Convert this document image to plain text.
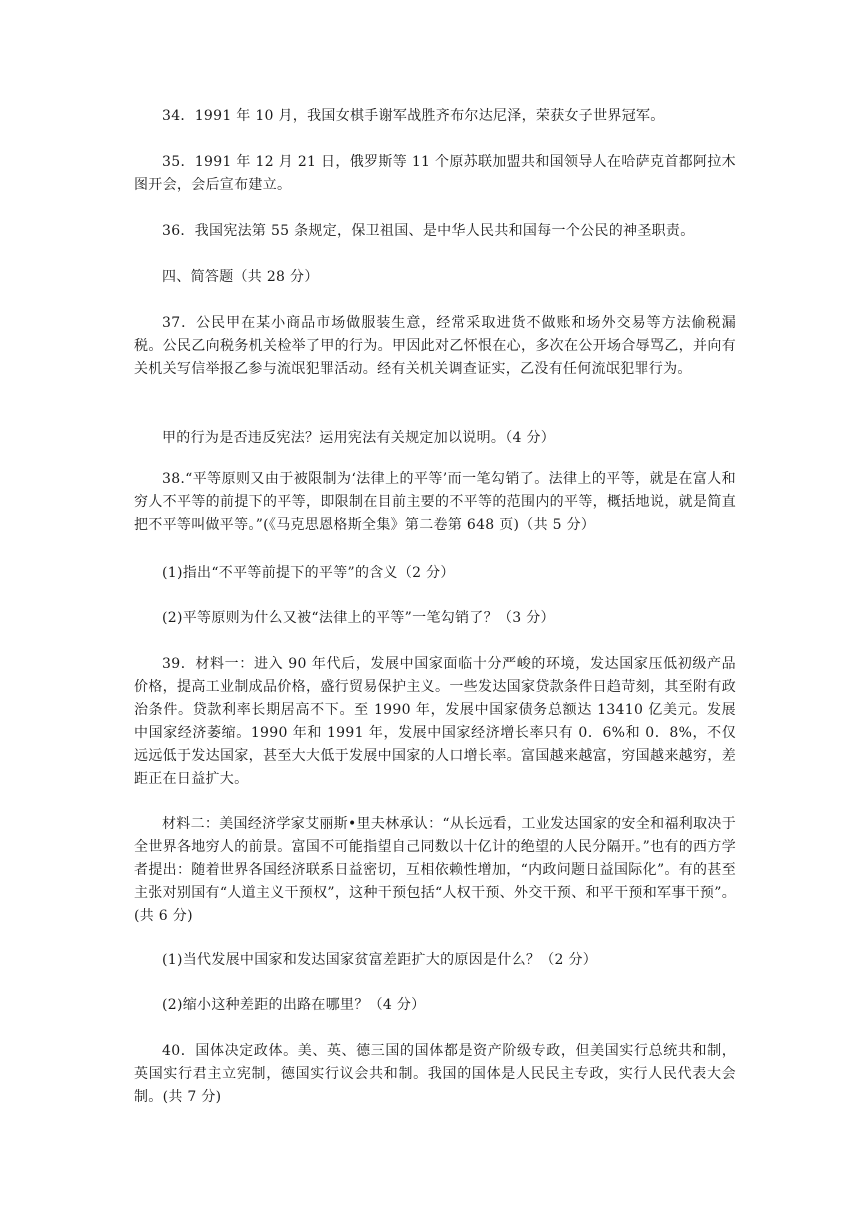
34．1991 年 10 月，我国女棋手谢军战胜齐布尔达尼泽，荣获女子世界冠军。

35．1991 年 12 月 21 日，俄罗斯等 11 个原苏联加盟共和国领导人在哈萨克首都阿拉木图开会，会后宣布建立。

36．我国宪法第 55 条规定，保卫祖国、是中华人民共和国每一个公民的神圣职责。

四、简答题（共 28 分）

37．公民甲在某小商品市场做服装生意，经常采取进货不做账和场外交易等方法偷税漏税。公民乙向税务机关检举了甲的行为。甲因此对乙怀恨在心，多次在公开场合辱骂乙，并向有关机关写信举报乙参与流氓犯罪活动。经有关机关调查证实，乙没有任何流氓犯罪行为。

甲的行为是否违反宪法？运用宪法有关规定加以说明。（4 分）

38.“平等原则又由于被限制为‘法律上的平等’而一笔勾销了。法律上的平等，就是在富人和穷人不平等的前提下的平等，即限制在目前主要的不平等的范围内的平等，概括地说，就是简直把不平等叫做平等。”(《马克思恩格斯全集》第二卷第 648 页)（共 5 分）

(1)指出“不平等前提下的平等”的含义（2 分）

(2)平等原则为什么又被“法律上的平等”一笔勾销了？（3 分）

39．材料一：进入 90 年代后，发展中国家面临十分严峻的环境，发达国家压低初级产品价格，提高工业制成品价格，盛行贸易保护主义。一些发达国家贷款条件日趋苛刻，其至附有政治条件。贷款利率长期居高不下。至 1990 年，发展中国家债务总额达 13410 亿美元。发展中国家经济萎缩。1990 年和 1991 年，发展中国家经济增长率只有 0．6%和 0．8%，不仅远远低于发达国家，甚至大大低于发展中国家的人口增长率。富国越来越富，穷国越来越穷，差距正在日益扩大。

材料二：美国经济学家艾丽斯•里夫林承认：“从长远看，工业发达国家的安全和福利取决于全世界各地穷人的前景。富国不可能指望自己同数以十亿计的绝望的人民分隔开。”也有的西方学者提出：随着世界各国经济联系日益密切，互相依赖性增加，“内政问题日益国际化”。有的甚至主张对别国有“人道主义干预权”，这种干预包括“人权干预、外交干预、和平干预和军事干预”。(共 6 分)

(1)当代发展中国家和发达国家贫富差距扩大的原因是什么？（2 分）

(2)缩小这种差距的出路在哪里？（4 分）

40．国体决定政体。美、英、德三国的国体都是资产阶级专政，但美国实行总统共和制，英国实行君主立宪制，德国实行议会共和制。我国的国体是人民民主专政，实行人民代表大会制。(共 7 分)
